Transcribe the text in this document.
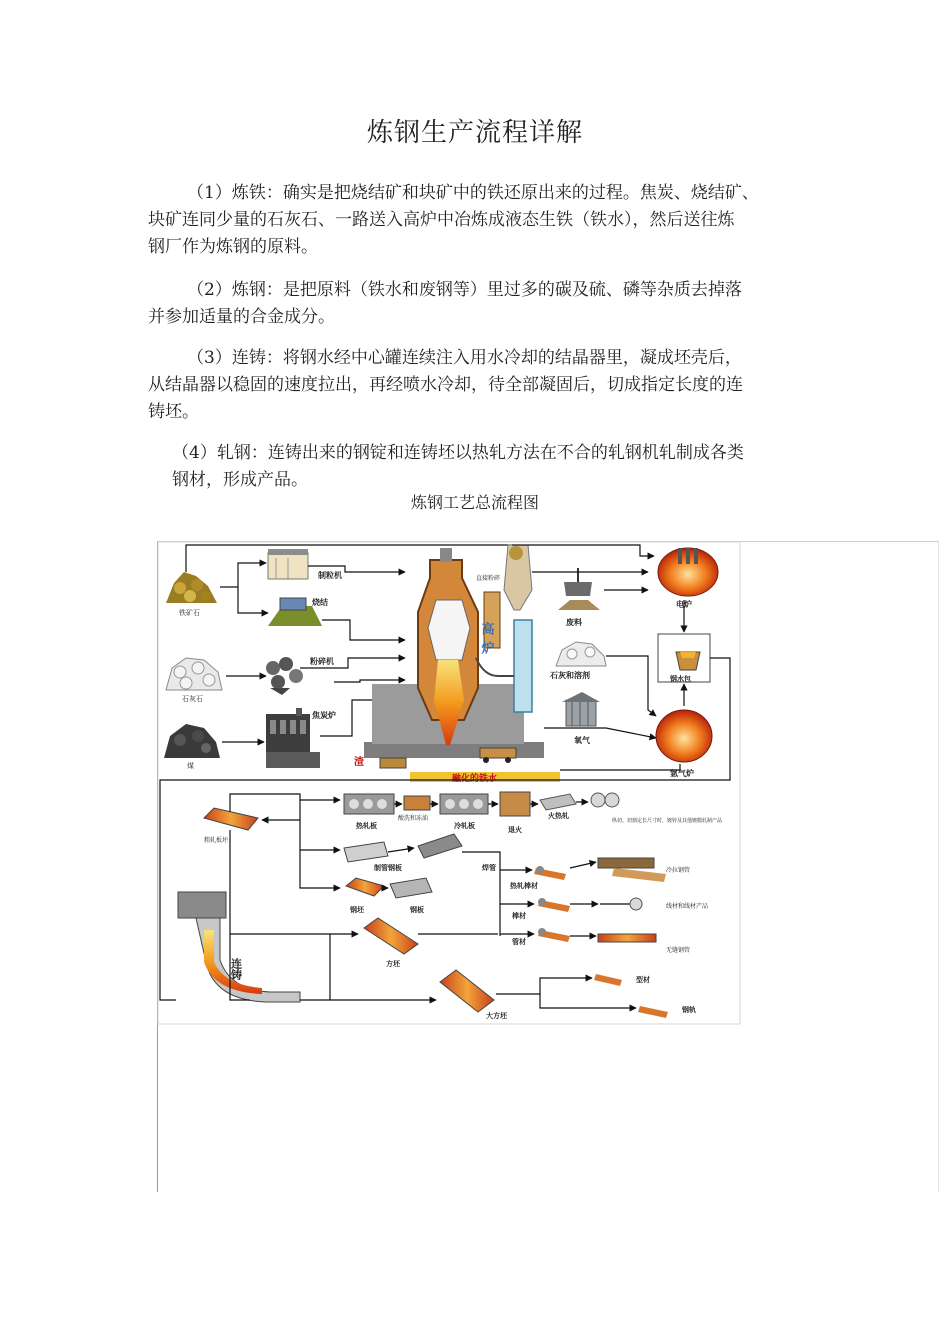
炼钢生产流程详解

（1）炼铁：确实是把烧结矿和块矿中的铁还原出来的过程。焦炭、烧结矿、
块矿连同少量的石灰石、一路送入高炉中冶炼成液态生铁（铁水），然后送往炼
钢厂作为炼钢的原料。

（2）炼钢：是把原料（铁水和废钢等）里过多的碳及硫、磷等杂质去掉落
并参加适量的合金成分。

（3）连铸：将钢水经中心罐连续注入用水冷却的结晶器里，凝成坯壳后，
从结晶器以稳固的速度拉出，再经喷水冷却，待全部凝固后，切成指定长度的连
铸坯。

（4）轧钢：连铸出来的钢锭和连铸坯以热轧方法在不合的轧钢机轧制成各类
钢材，形成产品。

炼钢工艺总流程图
铁矿石
石灰石
煤
制粒机
烧结
粉碎机
焦炭炉
高炉
渣
融化的铁水
直接粉碎
废料
石灰和溶剂
氧气
电炉
钢水包
氩气炉
粗轧板坯
热轧板
酸洗和冻油
冷轧板	退火
火热轧
纵切、切割定长尺寸时，镀锌及其他镀膜轧制产品
制管钢板	焊管
钢坯	钢板
方坯
连铸
大方坯
热轧棒材
冷拉钢管
棒材
线材和线材产品
管材
无缝钢管
型材
钢轨
